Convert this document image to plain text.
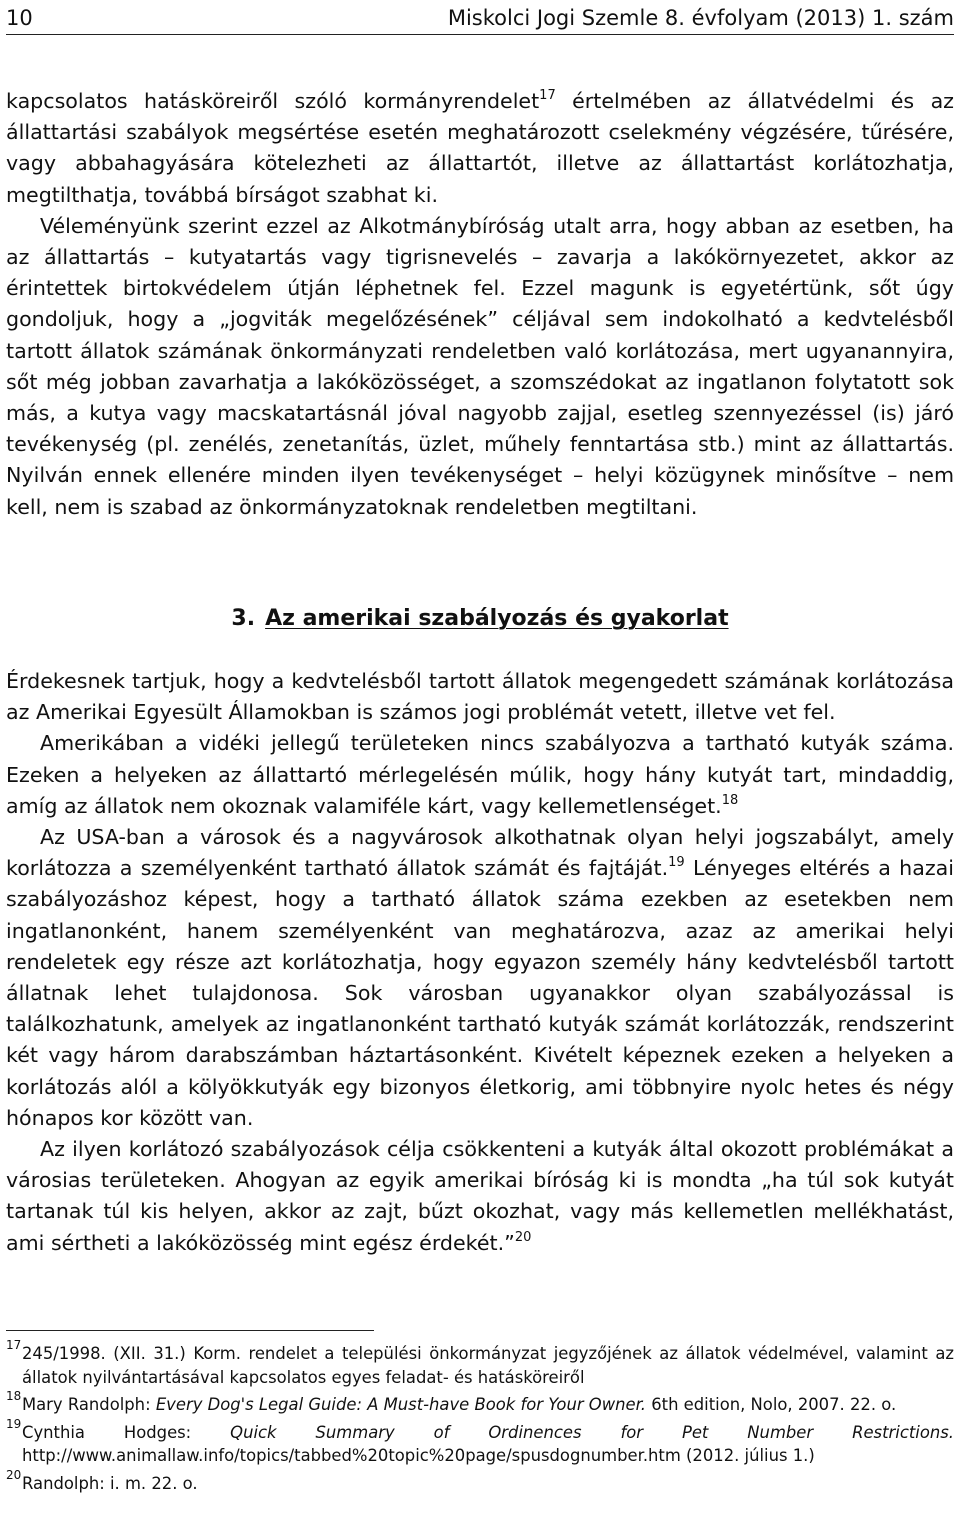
10	Miskolci Jogi Szemle 8. évfolyam (2013) 1. szám

kapcsolatos hatásköreiről szóló kormányrendelet$^{17}$ értelmében az állatvédelmi és az állattartási szabályok megsértése esetén meghatározott cselekmény végzésére, tűrésére, vagy abbahagyására kötelezheti az állattartót, illetve az állattartást korlátozhatja, megtilthatja, továbbá bírságot szabhat ki.

Véleményünk szerint ezzel az Alkotmánybíróság utalt arra, hogy abban az esetben, ha az állattartás – kutyatartás vagy tigrisnevelés – zavarja a lakókörnyezetet, akkor az érintettek birtokvédelem útján léphetnek fel. Ezzel magunk is egyetértünk, sőt úgy gondoljuk, hogy a „jogviták megelőzésének” céljával sem indokolható a kedvtelésből tartott állatok számának önkormányzati rendeletben való korlátozása, mert ugyanannyira, sőt még jobban zavarhatja a lakóközösséget, a szomszédokat az ingatlanon folytatott sok más, a kutya vagy macskatartásnál jóval nagyobb zajjal, esetleg szennyezéssel (is) járó tevékenység (pl. zenélés, zenetanítás, üzlet, műhely fenntartása stb.) mint az állattartás. Nyilván ennek ellenére minden ilyen tevékenységet – helyi közügynek minősítve – nem kell, nem is szabad az önkormányzatoknak rendeletben megtiltani.

3. Az amerikai szabályozás és gyakorlat

Érdekesnek tartjuk, hogy a kedvtelésből tartott állatok megengedett számának korlátozása az Amerikai Egyesült Államokban is számos jogi problémát vetett, illetve vet fel.

Amerikában a vidéki jellegű területeken nincs szabályozva a tartható kutyák száma. Ezeken a helyeken az állattartó mérlegelésén múlik, hogy hány kutyát tart, mindaddig, amíg az állatok nem okoznak valamiféle kárt, vagy kellemetlenséget.$^{18}$

Az USA-ban a városok és a nagyvárosok alkothatnak olyan helyi jogszabályt, amely korlátozza a személyenként tartható állatok számát és fajtáját.$^{19}$ Lényeges eltérés a hazai szabályozáshoz képest, hogy a tartható állatok száma ezekben az esetekben nem ingatlanonként, hanem személyenként van meghatározva, azaz az amerikai helyi rendeletek egy része azt korlátozhatja, hogy egyazon személy hány kedvtelésből tartott állatnak lehet tulajdonosa. Sok városban ugyanakkor olyan szabályozással is találkozhatunk, amelyek az ingatlanonként tartható kutyák számát korlátozzák, rendszerint két vagy három darabszámban háztartásonként. Kivételt képeznek ezeken a helyeken a korlátozás alól a kölyökkutyák egy bizonyos életkorig, ami többnyire nyolc hetes és négy hónapos kor között van.

Az ilyen korlátozó szabályozások célja csökkenteni a kutyák által okozott problémákat a városias területeken. Ahogyan az egyik amerikai bíróság ki is mondta „ha túl sok kutyát tartanak túl kis helyen, akkor az zajt, bűzt okozhat, vagy más kellemetlen mellékhatást, ami sértheti a lakóközösség mint egész érdekét.”$^{20}$

17 245/1998. (XII. 31.) Korm. rendelet a települési önkormányzat jegyzőjének az állatok védelmével, valamint az állatok nyilvántartásával kapcsolatos egyes feladat- és hatásköreiről
18 Mary Randolph: Every Dog's Legal Guide: A Must-have Book for Your Owner. 6th edition, Nolo, 2007. 22. o.
19 Cynthia Hodges: Quick Summary of Ordinences for Pet Number Restrictions. http://www.animallaw.info/topics/tabbed%20topic%20page/spusdognumber.htm (2012. július 1.)
20 Randolph: i. m. 22. o.
